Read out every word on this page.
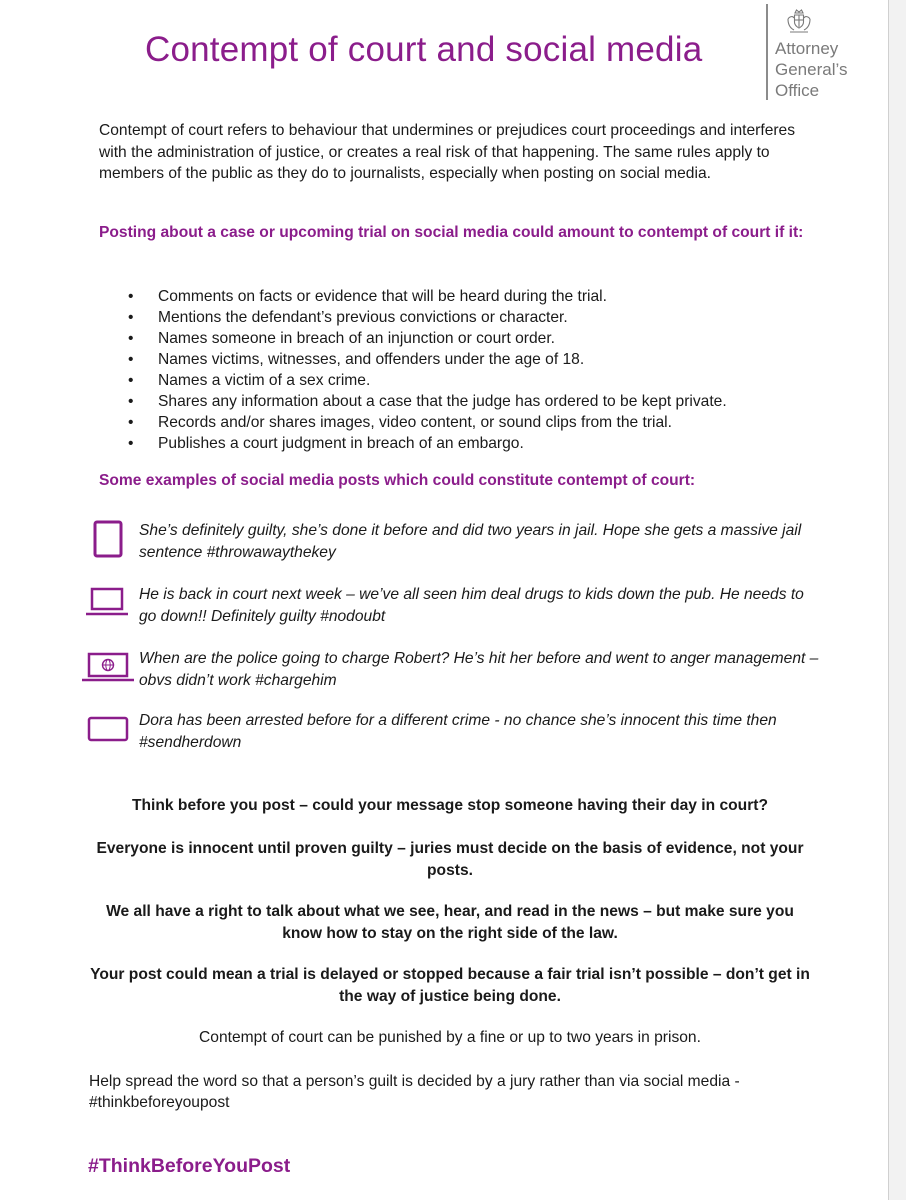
Contempt of court and social media	Attorney
General’s
Office
Contempt of court refers to behaviour that undermines or prejudices court proceedings and interferes with the administration of justice, or creates a real risk of that happening. The same rules apply to members of the public as they do to journalists, especially when posting on social media.
Posting about a case or upcoming trial on social media could amount to contempt of court if it:
• Comments on facts or evidence that will be heard during the trial.
• Mentions the defendant’s previous convictions or character.
• Names someone in breach of an injunction or court order.
• Names victims, witnesses, and offenders under the age of 18.
• Names a victim of a sex crime.
• Shares any information about a case that the judge has ordered to be kept private.
• Records and/or shares images, video content, or sound clips from the trial.
• Publishes a court judgment in breach of an embargo.
Some examples of social media posts which could constitute contempt of court:
She’s definitely guilty, she’s done it before and did two years in jail. Hope she gets a massive jail sentence #throwawaythekey
He is back in court next week – we’ve all seen him deal drugs to kids down the pub. He needs to go down!! Definitely guilty #nodoubt
When are the police going to charge Robert? He’s hit her before and went to anger management – obvs didn’t work #chargehim
Dora has been arrested before for a different crime - no chance she’s innocent this time then #sendherdown
Think before you post – could your message stop someone having their day in court?
Everyone is innocent until proven guilty – juries must decide on the basis of evidence, not your posts.
We all have a right to talk about what we see, hear, and read in the news – but make sure you know how to stay on the right side of the law.
Your post could mean a trial is delayed or stopped because a fair trial isn’t possible – don’t get in the way of justice being done.
Contempt of court can be punished by a fine or up to two years in prison.
Help spread the word so that a person’s guilt is decided by a jury rather than via social media - #thinkbeforeyoupost
#ThinkBeforeYouPost
